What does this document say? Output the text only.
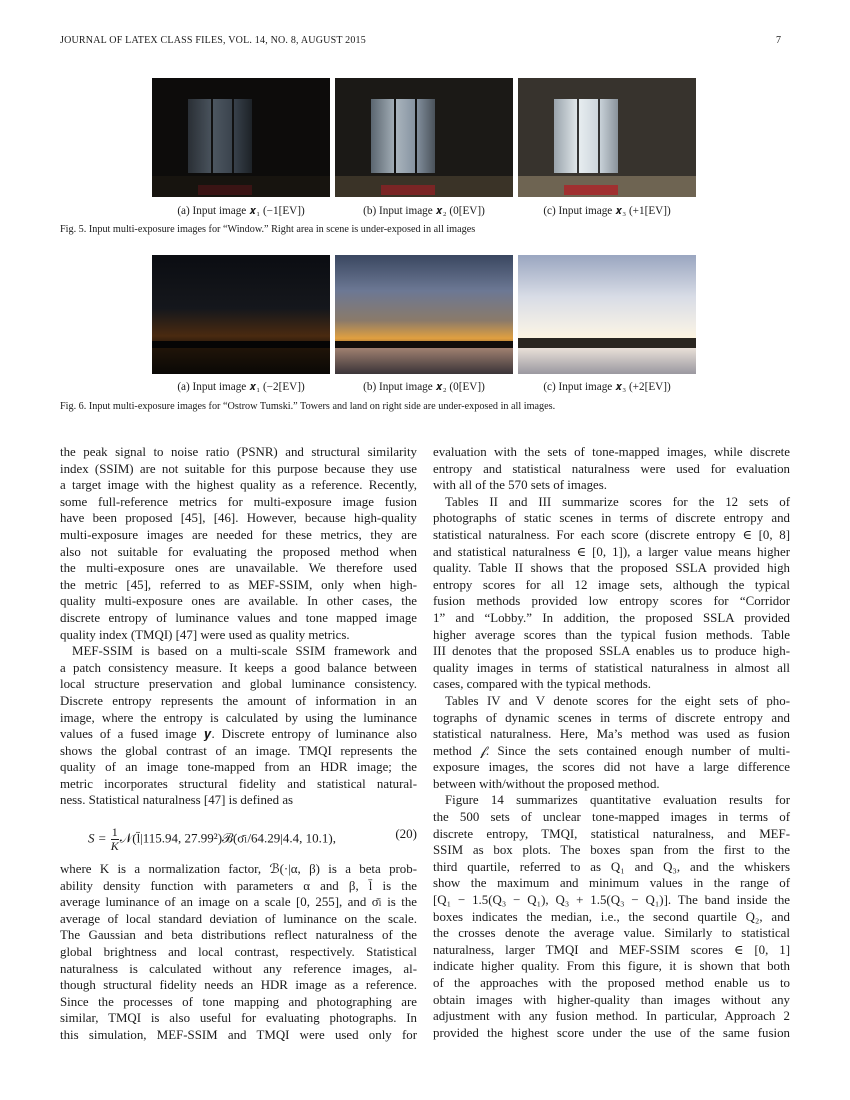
JOURNAL OF LATEX CLASS FILES, VOL. 14, NO. 8, AUGUST 2015	7
(a) Input image 𝒙₁ (−1[EV])	(b) Input image 𝒙₂ (0[EV])	(c) Input image 𝒙₃ (+1[EV])
Fig. 5. Input multi-exposure images for “Window.” Right area in scene is under-exposed in all images
(a) Input image 𝒙₁ (−2[EV])	(b) Input image 𝒙₂ (0[EV])	(c) Input image 𝒙₃ (+2[EV])
Fig. 6. Input multi-exposure images for “Ostrow Tumski.” Towers and land on right side are under-exposed in all images.
the peak signal to noise ratio (PSNR) and structural similarity
index (SSIM) are not suitable for this purpose because they use
a target image with the highest quality as a reference. Recently,
some full-reference metrics for multi-exposure image fusion
have been proposed [45], [46]. However, because high-quality
multi-exposure images are needed for these metrics, they are
also not suitable for evaluating the proposed method when
the multi-exposure ones are unavailable. We therefore used
the metric [45], referred to as MEF-SSIM, only when high-
quality multi-exposure ones are available. In other cases, the
discrete entropy of luminance values and tone mapped image
quality index (TMQI) [47] were used as quality metrics.
MEF-SSIM is based on a multi-scale SSIM framework and
a patch consistency measure. It keeps a good balance between
local structure preservation and global luminance consistency.
Discrete entropy represents the amount of information in an
image, where the entropy is calculated by using the luminance
values of a fused image 𝒚. Discrete entropy of luminance also
shows the global contrast of an image. TMQI represents the
quality of an image tone-mapped from an HDR image; the
metric incorporates structural fidelity and statistical natural-
ness. Statistical naturalness [47] is defined as
$S = \frac{1}{K}$ 𝒩(l̄|115.94, 27.99²)ℬ(σ̄ₗ/64.29|4.4, 10.1),	(20)
where K is a normalization factor, ℬ(·|α, β) is a beta prob-
ability density function with parameters α and β, l̄ is the
average luminance of an image on a scale [0, 255], and σ̄ₗ is the
average of local standard deviation of luminance on the scale.
The Gaussian and beta distributions reflect naturalness of the
global brightness and local contrast, respectively. Statistical
naturalness is calculated without any reference images, al-
though structural fidelity needs an HDR image as a reference.
Since the processes of tone mapping and photographing are
similar, TMQI is also useful for evaluating photographs. In
this simulation, MEF-SSIM and TMQI were used only for
evaluation with the sets of tone-mapped images, while discrete
entropy and statistical naturalness were used for evaluation
with all of the 570 sets of images.
Tables II and III summarize scores for the 12 sets of
photographs of static scenes in terms of discrete entropy and
statistical naturalness. For each score (discrete entropy ∈ [0, 8]
and statistical naturalness ∈ [0, 1]), a larger value means higher
quality. Table II shows that the proposed SSLA provided high
entropy scores for all 12 image sets, although the typical
fusion methods provided low entropy scores for “Corridor
1” and “Lobby.” In addition, the proposed SSLA provided
higher average scores than the typical fusion methods. Table
III denotes that the proposed SSLA enables us to produce high-
quality images in terms of statistical naturalness in almost all
cases, compared with the typical methods.
Tables IV and V denote scores for the eight sets of pho-
tographs of dynamic scenes in terms of discrete entropy and
statistical naturalness. Here, Ma’s method was used as fusion
method 𝒻. Since the sets contained enough number of multi-
exposure images, the scores did not have a large difference
between with/without the proposed method.
Figure 14 summarizes quantitative evaluation results for
the 500 sets of unclear tone-mapped images in terms of
discrete entropy, TMQI, statistical naturalness, and MEF-
SSIM as box plots. The boxes span from the first to the
third quartile, referred to as Q₁ and Q₃, and the whiskers
show the maximum and minimum values in the range of
[Q₁ − 1.5(Q₃ − Q₁), Q₃ + 1.5(Q₃ − Q₁)]. The band inside the
boxes indicates the median, i.e., the second quartile Q₂, and
the crosses denote the average value. Similarly to statistical
naturalness, larger TMQI and MEF-SSIM scores ∈ [0, 1]
indicate higher quality. From this figure, it is shown that both
of the approaches with the proposed method enable us to
obtain images with higher-quality than images without any
adjustment with any fusion method. In particular, Approach 2
provided the highest score under the use of the same fusion
